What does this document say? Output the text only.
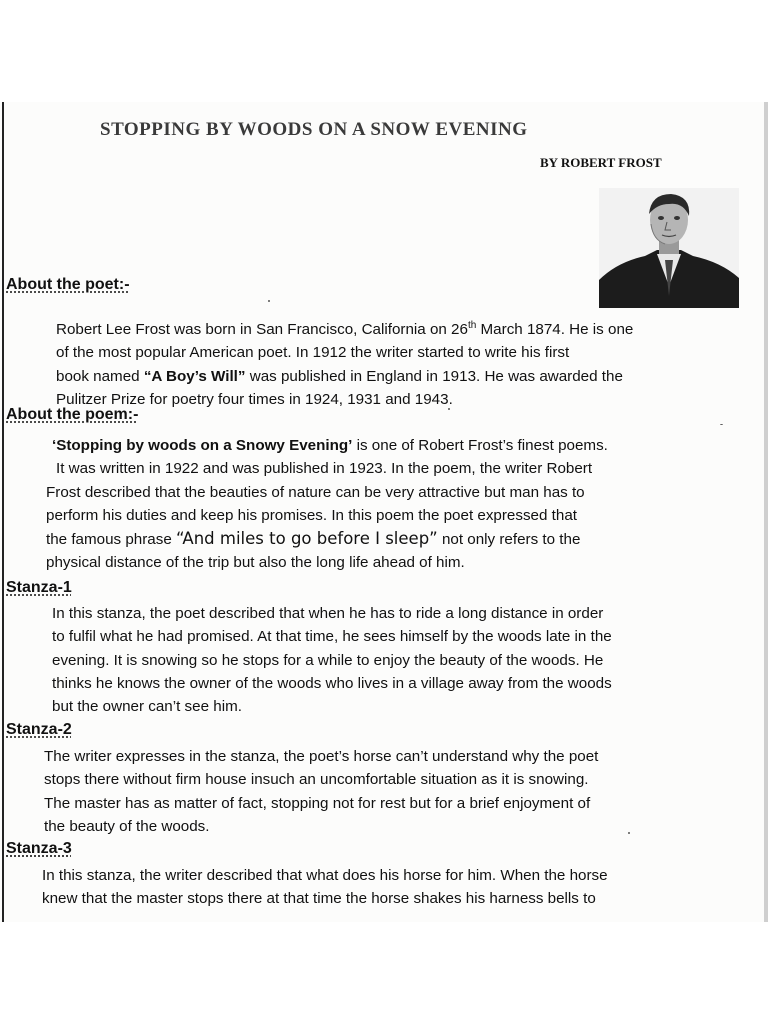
STOPPING BY WOODS ON A SNOW EVENING
BY ROBERT FROST
About the poet:-

Robert Lee Frost was born in San Francisco, California on 26th March 1874. He is one

of the most popular American poet. In 1912 the writer started to write his first

book named “A Boy’s Will” was published in England in 1913. He was awarded the

Pulitzer Prize for poetry four times in 1924, 1931 and 1943.

About the poem:-

‘Stopping by woods on a Snowy Evening’ is one of Robert Frost’s finest poems.

It was written in 1922 and was published in 1923. In the poem, the writer Robert

Frost described that the beauties of nature can be very attractive but man has to

perform his duties and keep his promises. In this poem the poet expressed that

the famous phrase “And miles to go before I sleep” not only refers to the

physical distance of the trip but also the long life ahead of him.

Stanza-1

In this stanza, the poet described that when he has to ride a long distance in order

to fulfil what he had promised. At that time, he sees himself by the woods late in the

evening. It is snowing so he stops for a while to enjoy the beauty of the woods. He

thinks he knows the owner of the woods who lives in a village away from the woods

but the owner can’t see him.

Stanza-2

The writer expresses in the stanza, the poet’s horse can’t understand why the poet

stops there without firm house insuch an uncomfortable situation as it is snowing.

The master has as matter of fact, stopping not for rest but for a brief enjoyment of

the beauty of the woods.

Stanza-3

In this stanza, the writer described that what does his horse for him. When the horse

knew that the master stops there at that time the horse shakes his harness bells to
